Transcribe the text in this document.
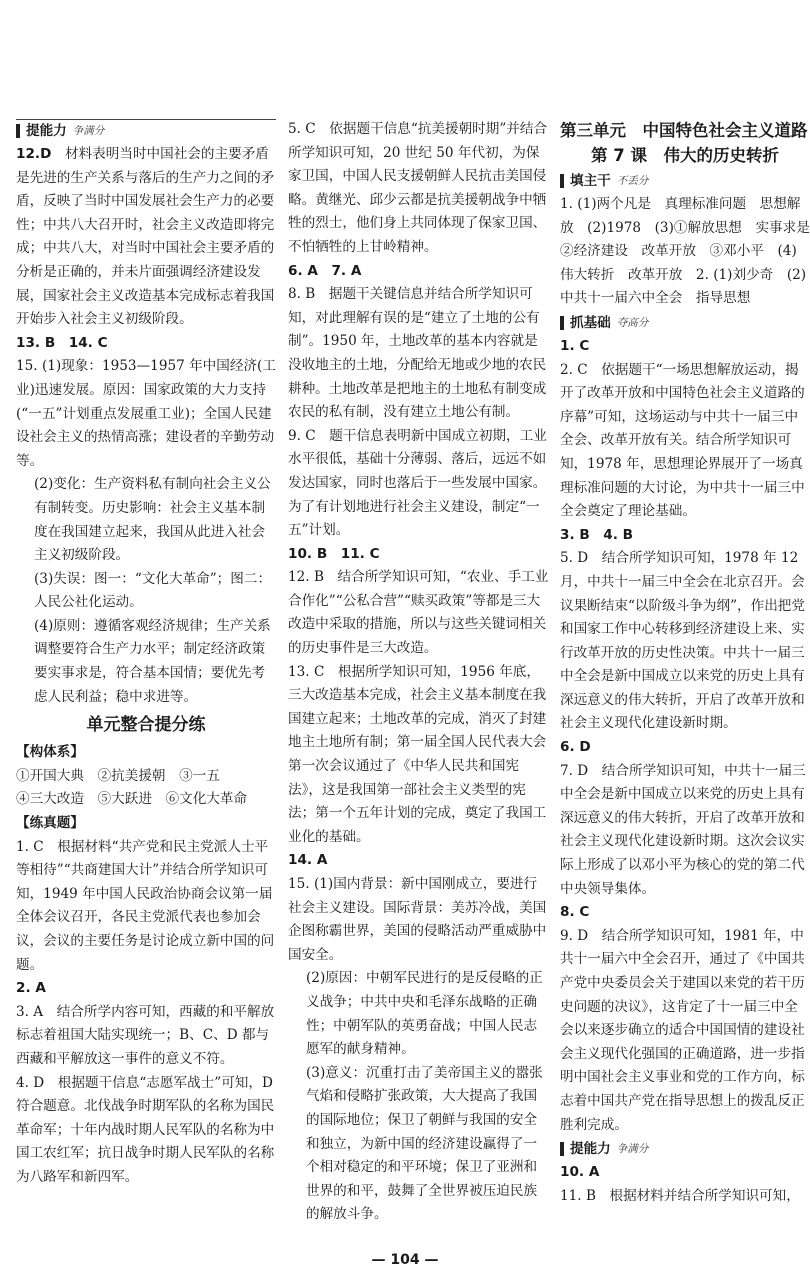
提能力 争满分

12.D　 材料表明当时中国社会的主要矛盾是先进的生产关系与落后的生产力之间的矛盾，反映了当时中国发展社会生产力的必要性；中共八大召开时，社会主义改造即将完成；中共八大，对当时中国社会主要矛盾的分析是正确的，并未片面强调经济建设发展，国家社会主义改造基本完成标志着我国开始步入社会主义初级阶段。

13. B　14. C

15. (1)现象：1953—1957 年中国经济(工业)迅速发展。原因：国家政策的大力支持(“一五”计划重点发展重工业)；全国人民建设社会主义的热情高涨；建设者的辛勤劳动等。

(2)变化：生产资料私有制向社会主义公有制转变。历史影响：社会主义基本制度在我国建立起来，我国从此进入社会主义初级阶段。

(3)失误：图一：“文化大革命”；图二：人民公社化运动。

(4)原则：遵循客观经济规律；生产关系调整要符合生产力水平；制定经济政策要实事求是，符合基本国情；要优先考虑人民利益；稳中求进等。

单元整合提分练
【构体系】

①开国大典　②抗美援朝　③一五

④三大改造　⑤大跃进　⑥文化大革命

【练真题】

1. C　根据材料“共产党和民主党派人士平等相待”“共商建国大计”并结合所学知识可知，1949 年中国人民政治协商会议第一届全体会议召开，各民主党派代表也参加会议，会议的主要任务是讨论成立新中国的问题。

2. A

3. A　结合所学内容可知，西藏的和平解放标志着祖国大陆实现统一；B、C、D 都与西藏和平解放这一事件的意义不符。

4. D　根据题干信息“志愿军战士”可知，D 符合题意。北伐战争时期军队的名称为国民革命军；十年内战时期人民军队的名称为中国工农红军；抗日战争时期人民军队的名称为八路军和新四军。

5. C　依据题干信息“抗美援朝时期”并结合所学知识可知，20 世纪 50 年代初，为保家卫国，中国人民支援朝鲜人民抗击美国侵略。黄继光、邱少云都是抗美援朝战争中牺牲的烈士，他们身上共同体现了保家卫国、不怕牺牲的上甘岭精神。

6. A　7. A

8. B　据题干关键信息并结合所学知识可知，对此理解有误的是“建立了土地的公有制”。1950 年，土地改革的基本内容就是没收地主的土地，分配给无地或少地的农民耕种。土地改革是把地主的土地私有制变成农民的私有制，没有建立土地公有制。

9. C　题干信息表明新中国成立初期，工业水平很低，基础十分薄弱、落后，远远不如发达国家，同时也落后于一些发展中国家。为了有计划地进行社会主义建设，制定“一五”计划。

10. B　11. C

12. B　结合所学知识可知，“农业、手工业合作化”“公私合营”“赎买政策”等都是三大改造中采取的措施，所以与这些关键词相关的历史事件是三大改造。

13. C　根据所学知识可知，1956 年底，三大改造基本完成，社会主义基本制度在我国建立起来；土地改革的完成，消灭了封建地主土地所有制；第一届全国人民代表大会第一次会议通过了《中华人民共和国宪法》，这是我国第一部社会主义类型的宪法；第一个五年计划的完成，奠定了我国工业化的基础。

14. A

15. (1)国内背景：新中国刚成立，要进行社会主义建设。国际背景：美苏冷战，美国企图称霸世界，美国的侵略活动严重威胁中国安全。

(2)原因：中朝军民进行的是反侵略的正义战争；中共中央和毛泽东战略的正确性；中朝军队的英勇奋战；中国人民志愿军的献身精神。

(3)意义：沉重打击了美帝国主义的嚣张气焰和侵略扩张政策，大大提高了我国的国际地位；保卫了朝鲜与我国的安全和独立，为新中国的经济建设赢得了一个相对稳定的和平环境；保卫了亚洲和世界的和平，鼓舞了全世界被压迫民族的解放斗争。

第三单元　中国特色社会主义道路
第 7 课　伟大的历史转折
填主干 不丢分

1. (1)两个凡是　真理标准问题　思想解放　(2)1978　(3)①解放思想　实事求是　②经济建设　改革开放　③邓小平　(4)伟大转折　改革开放　2. (1)刘少奇　(2)中共十一届六中全会　指导思想

抓基础 夺高分

1. C

2. C　依据题干“一场思想解放运动，揭开了改革开放和中国特色社会主义道路的序幕”可知，这场运动与中共十一届三中全会、改革开放有关。结合所学知识可知，1978 年，思想理论界展开了一场真理标准问题的大讨论，为中共十一届三中全会奠定了理论基础。

3. B　4. B

5. D　结合所学知识可知，1978 年 12 月，中共十一届三中全会在北京召开。会议果断结束“以阶级斗争为纲”，作出把党和国家工作中心转移到经济建设上来、实行改革开放的历史性决策。中共十一届三中全会是新中国成立以来党的历史上具有深远意义的伟大转折，开启了改革开放和社会主义现代化建设新时期。

6. D

7. D　结合所学知识可知，中共十一届三中全会是新中国成立以来党的历史上具有深远意义的伟大转折，开启了改革开放和社会主义现代化建设新时期。这次会议实际上形成了以邓小平为核心的党的第二代中央领导集体。

8. C

9. D　结合所学知识可知，1981 年，中共十一届六中全会召开，通过了《中国共产党中央委员会关于建国以来党的若干历史问题的决议》，这肯定了十一届三中全会以来逐步确立的适合中国国情的建设社会主义现代化强国的正确道路，进一步指明中国社会主义事业和党的工作方向，标志着中国共产党在指导思想上的拨乱反正胜利完成。

提能力 争满分

10. A

11. B　根据材料并结合所学知识可知，

— 104 —
